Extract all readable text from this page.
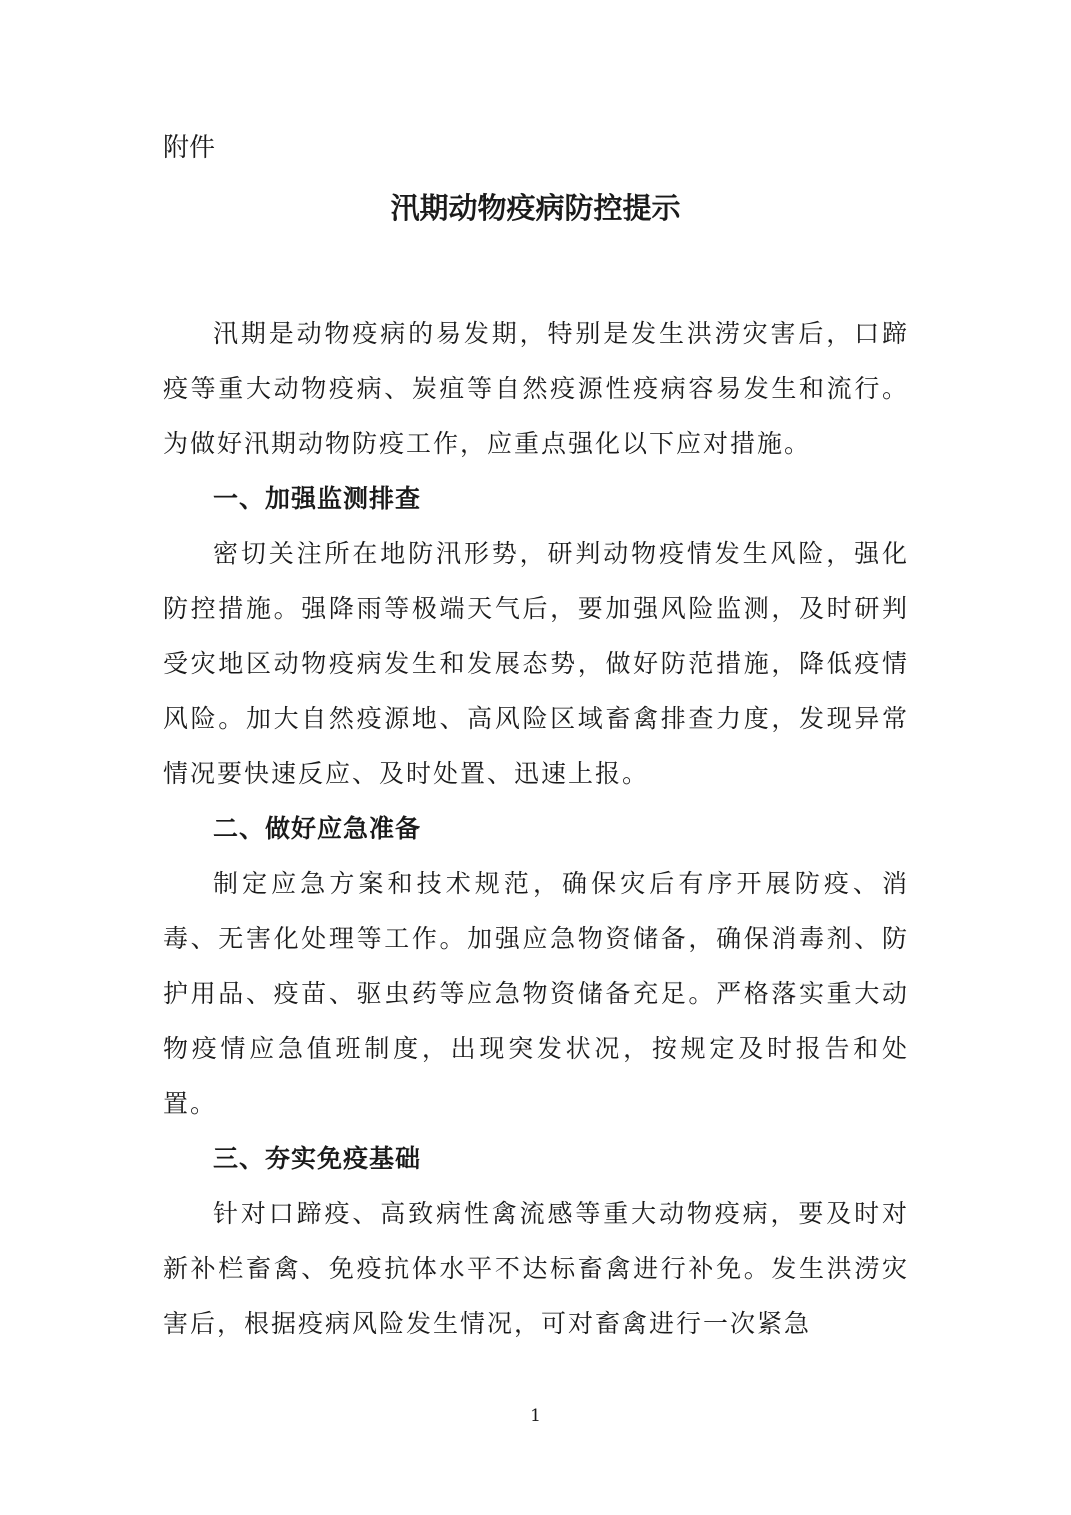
附件

汛期动物疫病防控提示

汛期是动物疫病的易发期，特别是发生洪涝灾害后，口蹄疫等重大动物疫病、炭疽等自然疫源性疫病容易发生和流行。为做好汛期动物防疫工作，应重点强化以下应对措施。

一、加强监测排查

密切关注所在地防汛形势，研判动物疫情发生风险，强化防控措施。强降雨等极端天气后，要加强风险监测，及时研判受灾地区动物疫病发生和发展态势，做好防范措施，降低疫情风险。加大自然疫源地、高风险区域畜禽排查力度，发现异常情况要快速反应、及时处置、迅速上报。

二、做好应急准备

制定应急方案和技术规范，确保灾后有序开展防疫、消毒、无害化处理等工作。加强应急物资储备，确保消毒剂、防护用品、疫苗、驱虫药等应急物资储备充足。严格落实重大动物疫情应急值班制度，出现突发状况，按规定及时报告和处置。

三、夯实免疫基础

针对口蹄疫、高致病性禽流感等重大动物疫病，要及时对新补栏畜禽、免疫抗体水平不达标畜禽进行补免。发生洪涝灾害后，根据疫病风险发生情况，可对畜禽进行一次紧急

1
